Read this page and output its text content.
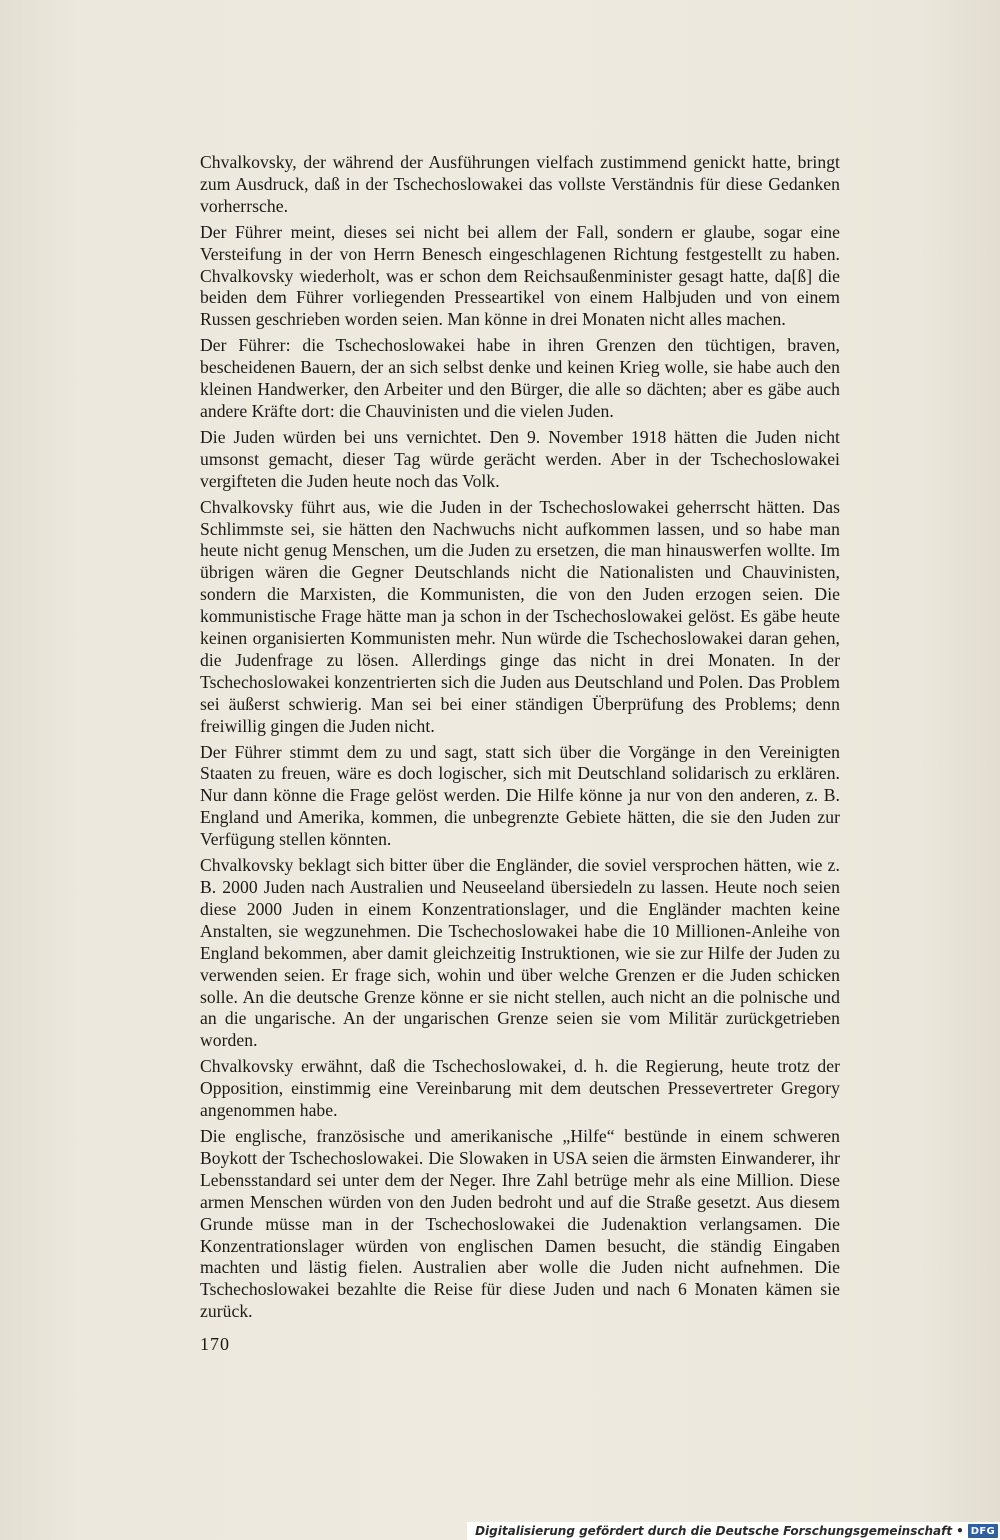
Chvalkovsky, der während der Ausführungen vielfach zustimmend genickt hatte, bringt zum Ausdruck, daß in der Tschechoslowakei das vollste Verständnis für diese Gedanken vorherrsche.

Der Führer meint, dieses sei nicht bei allem der Fall, sondern er glaube, sogar eine Versteifung in der von Herrn Benesch eingeschlagenen Richtung festgestellt zu haben. Chvalkovsky wiederholt, was er schon dem Reichsaußenminister gesagt hatte, da[ß] die beiden dem Führer vorliegenden Presseartikel von einem Halbjuden und von einem Russen geschrieben worden seien. Man könne in drei Monaten nicht alles machen.

Der Führer: die Tschechoslowakei habe in ihren Grenzen den tüchtigen, braven, bescheidenen Bauern, der an sich selbst denke und keinen Krieg wolle, sie habe auch den kleinen Handwerker, den Arbeiter und den Bürger, die alle so dächten; aber es gäbe auch andere Kräfte dort: die Chauvinisten und die vielen Juden.

Die Juden würden bei uns vernichtet. Den 9. November 1918 hätten die Juden nicht umsonst gemacht, dieser Tag würde gerächt werden. Aber in der Tschechoslowakei vergifteten die Juden heute noch das Volk.

Chvalkovsky führt aus, wie die Juden in der Tschechoslowakei geherrscht hätten. Das Schlimmste sei, sie hätten den Nachwuchs nicht aufkommen lassen, und so habe man heute nicht genug Menschen, um die Juden zu ersetzen, die man hinauswerfen wollte. Im übrigen wären die Gegner Deutschlands nicht die Nationalisten und Chauvinisten, sondern die Marxisten, die Kommunisten, die von den Juden erzogen seien. Die kommunistische Frage hätte man ja schon in der Tschechoslowakei gelöst. Es gäbe heute keinen organisierten Kommunisten mehr. Nun würde die Tschechoslowakei daran gehen, die Judenfrage zu lösen. Allerdings ginge das nicht in drei Monaten. In der Tschechoslowakei konzentrierten sich die Juden aus Deutschland und Polen. Das Problem sei äußerst schwierig. Man sei bei einer ständigen Überprüfung des Problems; denn freiwillig gingen die Juden nicht.

Der Führer stimmt dem zu und sagt, statt sich über die Vorgänge in den Vereinigten Staaten zu freuen, wäre es doch logischer, sich mit Deutschland solidarisch zu erklären. Nur dann könne die Frage gelöst werden. Die Hilfe könne ja nur von den anderen, z. B. England und Amerika, kommen, die unbegrenzte Gebiete hätten, die sie den Juden zur Verfügung stellen könnten.

Chvalkovsky beklagt sich bitter über die Engländer, die soviel versprochen hätten, wie z. B. 2000 Juden nach Australien und Neuseeland übersiedeln zu lassen. Heute noch seien diese 2000 Juden in einem Konzentrationslager, und die Engländer machten keine Anstalten, sie wegzunehmen. Die Tschechoslowakei habe die 10 Millionen-Anleihe von England bekommen, aber damit gleichzeitig Instruktionen, wie sie zur Hilfe der Juden zu verwenden seien. Er frage sich, wohin und über welche Grenzen er die Juden schicken solle. An die deutsche Grenze könne er sie nicht stellen, auch nicht an die polnische und an die ungarische. An der ungarischen Grenze seien sie vom Militär zurückgetrieben worden.

Chvalkovsky erwähnt, daß die Tschechoslowakei, d. h. die Regierung, heute trotz der Opposition, einstimmig eine Vereinbarung mit dem deutschen Pressevertreter Gregory angenommen habe.

Die englische, französische und amerikanische „Hilfe“ bestünde in einem schweren Boykott der Tschechoslowakei. Die Slowaken in USA seien die ärmsten Einwanderer, ihr Lebensstandard sei unter dem der Neger. Ihre Zahl betrüge mehr als eine Million. Diese armen Menschen würden von den Juden bedroht und auf die Straße gesetzt. Aus diesem Grunde müsse man in der Tschechoslowakei die Judenaktion verlangsamen. Die Konzentrationslager würden von englischen Damen besucht, die ständig Eingaben machten und lästig fielen. Australien aber wolle die Juden nicht aufnehmen. Die Tschechoslowakei bezahlte die Reise für diese Juden und nach 6 Monaten kämen sie zurück.

170
Digitalisierung gefördert durch die Deutsche Forschungsgemeinschaft • DFG
